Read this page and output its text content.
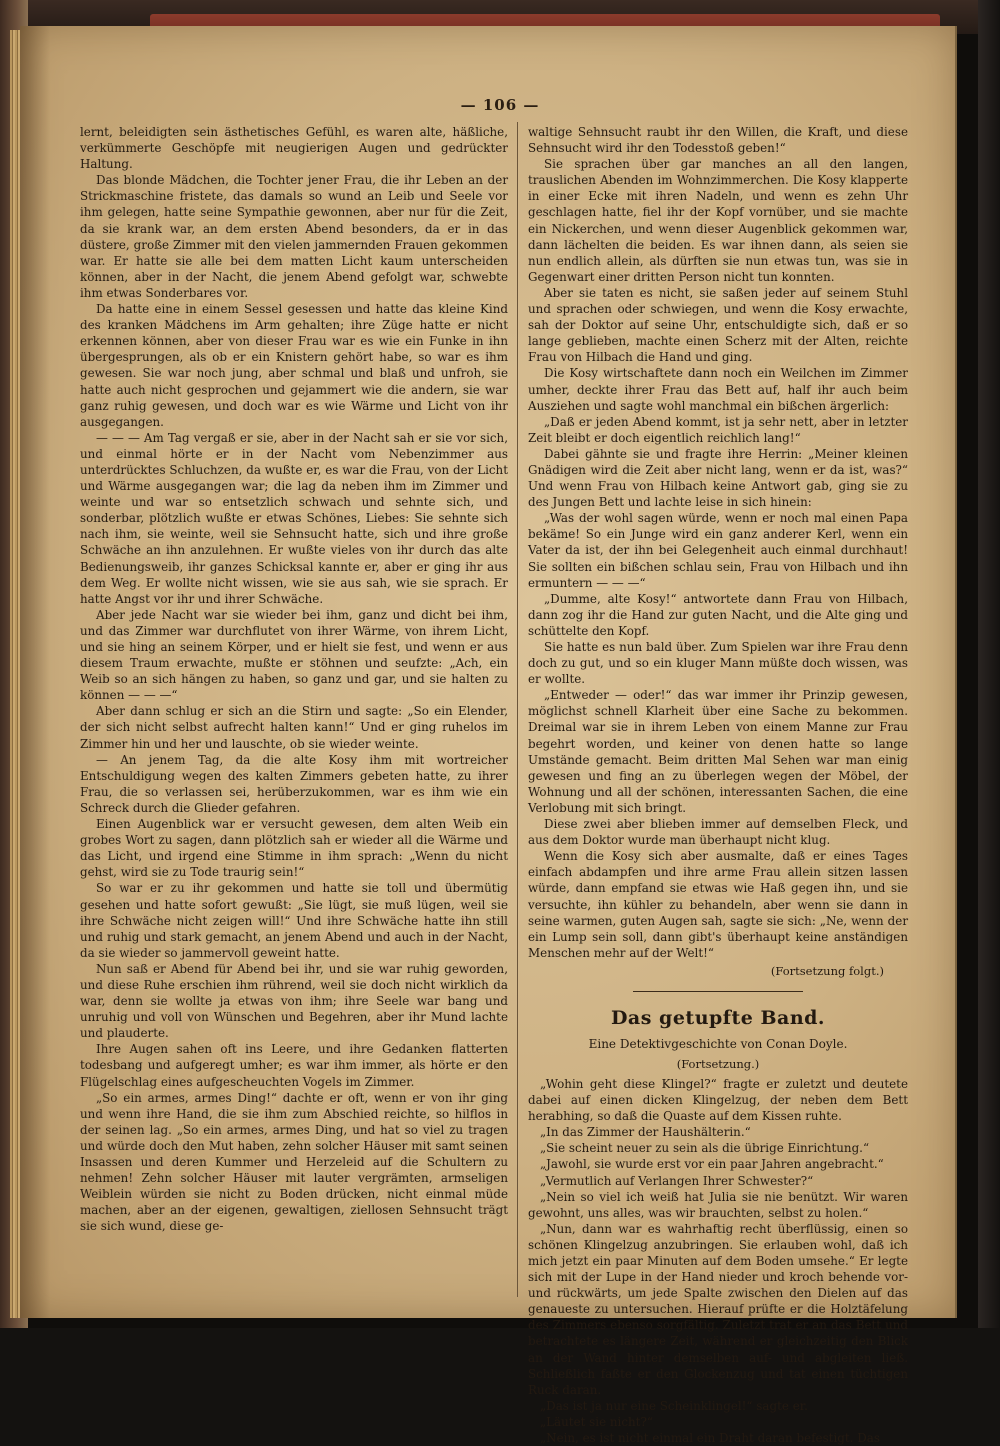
— 106 —

lernt, beleidigten sein ästhetisches Gefühl, es waren alte, häßliche, verkümmerte Geschöpfe mit neugierigen Augen und gedrückter Haltung.

Das blonde Mädchen, die Tochter jener Frau, die ihr Leben an der Strickmaschine fristete, das damals so wund an Leib und Seele vor ihm gelegen, hatte seine Sympathie gewonnen, aber nur für die Zeit, da sie krank war, an dem ersten Abend besonders, da er in das düstere, große Zimmer mit den vielen jammernden Frauen gekommen war. Er hatte sie alle bei dem matten Licht kaum unterscheiden können, aber in der Nacht, die jenem Abend gefolgt war, schwebte ihm etwas Sonderbares vor.

Da hatte eine in einem Sessel gesessen und hatte das kleine Kind des kranken Mädchens im Arm gehalten; ihre Züge hatte er nicht erkennen können, aber von dieser Frau war es wie ein Funke in ihn übergesprungen, als ob er ein Knistern gehört habe, so war es ihm gewesen. Sie war noch jung, aber schmal und blaß und unfroh, sie hatte auch nicht gesprochen und gejammert wie die andern, sie war ganz ruhig gewesen, und doch war es wie Wärme und Licht von ihr ausgegangen.

— — — Am Tag vergaß er sie, aber in der Nacht sah er sie vor sich, und einmal hörte er in der Nacht vom Nebenzimmer aus unterdrücktes Schluchzen, da wußte er, es war die Frau, von der Licht und Wärme ausgegangen war; die lag da neben ihm im Zimmer und weinte und war so entsetzlich schwach und sehnte sich, und sonderbar, plötzlich wußte er etwas Schönes, Liebes: Sie sehnte sich nach ihm, sie weinte, weil sie Sehnsucht hatte, sich und ihre große Schwäche an ihn anzulehnen. Er wußte vieles von ihr durch das alte Bedienungsweib, ihr ganzes Schicksal kannte er, aber er ging ihr aus dem Weg. Er wollte nicht wissen, wie sie aus sah, wie sie sprach. Er hatte Angst vor ihr und ihrer Schwäche.

Aber jede Nacht war sie wieder bei ihm, ganz und dicht bei ihm, und das Zimmer war durchflutet von ihrer Wärme, von ihrem Licht, und sie hing an seinem Körper, und er hielt sie fest, und wenn er aus diesem Traum erwachte, mußte er stöhnen und seufzte: „Ach, ein Weib so an sich hängen zu haben, so ganz und gar, und sie halten zu können — — —“

Aber dann schlug er sich an die Stirn und sagte: „So ein Elender, der sich nicht selbst aufrecht halten kann!“ Und er ging ruhelos im Zimmer hin und her und lauschte, ob sie wieder weinte.

— An jenem Tag, da die alte Kosy ihm mit wortreicher Entschuldigung wegen des kalten Zimmers gebeten hatte, zu ihrer Frau, die so verlassen sei, herüberzukommen, war es ihm wie ein Schreck durch die Glieder gefahren.

Einen Augenblick war er versucht gewesen, dem alten Weib ein grobes Wort zu sagen, dann plötzlich sah er wieder all die Wärme und das Licht, und irgend eine Stimme in ihm sprach: „Wenn du nicht gehst, wird sie zu Tode traurig sein!“

So war er zu ihr gekommen und hatte sie toll und übermütig gesehen und hatte sofort gewußt: „Sie lügt, sie muß lügen, weil sie ihre Schwäche nicht zeigen will!“ Und ihre Schwäche hatte ihn still und ruhig und stark gemacht, an jenem Abend und auch in der Nacht, da sie wieder so jammervoll geweint hatte.

Nun saß er Abend für Abend bei ihr, und sie war ruhig geworden, und diese Ruhe erschien ihm rührend, weil sie doch nicht wirklich da war, denn sie wollte ja etwas von ihm; ihre Seele war bang und unruhig und voll von Wünschen und Begehren, aber ihr Mund lachte und plauderte.

Ihre Augen sahen oft ins Leere, und ihre Gedanken flatterten todesbang und aufgeregt umher; es war ihm immer, als hörte er den Flügelschlag eines aufgescheuchten Vogels im Zimmer.

„So ein armes, armes Ding!“ dachte er oft, wenn er von ihr ging und wenn ihre Hand, die sie ihm zum Abschied reichte, so hilflos in der seinen lag. „So ein armes, armes Ding, und hat so viel zu tragen und würde doch den Mut haben, zehn solcher Häuser mit samt seinen Insassen und deren Kummer und Herzeleid auf die Schultern zu nehmen! Zehn solcher Häuser mit lauter vergrämten, armseligen Weiblein würden sie nicht zu Boden drücken, nicht einmal müde machen, aber an der eigenen, gewaltigen, ziellosen Sehnsucht trägt sie sich wund, diese ge-

waltige Sehnsucht raubt ihr den Willen, die Kraft, und diese Sehnsucht wird ihr den Todesstoß geben!“

Sie sprachen über gar manches an all den langen, trauslichen Abenden im Wohnzimmerchen. Die Kosy klapperte in einer Ecke mit ihren Nadeln, und wenn es zehn Uhr geschlagen hatte, fiel ihr der Kopf vornüber, und sie machte ein Nickerchen, und wenn dieser Augenblick gekommen war, dann lächelten die beiden. Es war ihnen dann, als seien sie nun endlich allein, als dürften sie nun etwas tun, was sie in Gegenwart einer dritten Person nicht tun konnten.

Aber sie taten es nicht, sie saßen jeder auf seinem Stuhl und sprachen oder schwiegen, und wenn die Kosy erwachte, sah der Doktor auf seine Uhr, entschuldigte sich, daß er so lange geblieben, machte einen Scherz mit der Alten, reichte Frau von Hilbach die Hand und ging.

Die Kosy wirtschaftete dann noch ein Weilchen im Zimmer umher, deckte ihrer Frau das Bett auf, half ihr auch beim Ausziehen und sagte wohl manchmal ein bißchen ärgerlich:

„Daß er jeden Abend kommt, ist ja sehr nett, aber in letzter Zeit bleibt er doch eigentlich reichlich lang!“

Dabei gähnte sie und fragte ihre Herrin: „Meiner kleinen Gnädigen wird die Zeit aber nicht lang, wenn er da ist, was?“ Und wenn Frau von Hilbach keine Antwort gab, ging sie zu des Jungen Bett und lachte leise in sich hinein:

„Was der wohl sagen würde, wenn er noch mal einen Papa bekäme! So ein Junge wird ein ganz anderer Kerl, wenn ein Vater da ist, der ihn bei Gelegenheit auch einmal durchhaut! Sie sollten ein bißchen schlau sein, Frau von Hilbach und ihn ermuntern — — —“

„Dumme, alte Kosy!“ antwortete dann Frau von Hilbach, dann zog ihr die Hand zur guten Nacht, und die Alte ging und schüttelte den Kopf.

Sie hatte es nun bald über. Zum Spielen war ihre Frau denn doch zu gut, und so ein kluger Mann müßte doch wissen, was er wollte.

„Entweder — oder!“ das war immer ihr Prinzip gewesen, möglichst schnell Klarheit über eine Sache zu bekommen. Dreimal war sie in ihrem Leben von einem Manne zur Frau begehrt worden, und keiner von denen hatte so lange Umstände gemacht. Beim dritten Mal Sehen war man einig gewesen und fing an zu überlegen wegen der Möbel, der Wohnung und all der schönen, interessanten Sachen, die eine Verlobung mit sich bringt.

Diese zwei aber blieben immer auf demselben Fleck, und aus dem Doktor wurde man überhaupt nicht klug.

Wenn die Kosy sich aber ausmalte, daß er eines Tages einfach abdampfen und ihre arme Frau allein sitzen lassen würde, dann empfand sie etwas wie Haß gegen ihn, und sie versuchte, ihn kühler zu behandeln, aber wenn sie dann in seine warmen, guten Augen sah, sagte sie sich: „Ne, wenn der ein Lump sein soll, dann gibt's überhaupt keine anständigen Menschen mehr auf der Welt!“

(Fortsetzung folgt.)
Das getupfte Band.
Eine Detektivgeschichte von Conan Doyle.
(Fortsetzung.)

„Wohin geht diese Klingel?“ fragte er zuletzt und deutete dabei auf einen dicken Klingelzug, der neben dem Bett herabhing, so daß die Quaste auf dem Kissen ruhte.

„In das Zimmer der Haushälterin.“

„Sie scheint neuer zu sein als die übrige Einrichtung.“

„Jawohl, sie wurde erst vor ein paar Jahren angebracht.“

„Vermutlich auf Verlangen Ihrer Schwester?“

„Nein so viel ich weiß hat Julia sie nie benützt. Wir waren gewohnt, uns alles, was wir brauchten, selbst zu holen.“

„Nun, dann war es wahrhaftig recht überflüssig, einen so schönen Klingelzug anzubringen. Sie erlauben wohl, daß ich mich jetzt ein paar Minuten auf dem Boden umsehe.“ Er legte sich mit der Lupe in der Hand nieder und kroch behende vor- und rückwärts, um jede Spalte zwischen den Dielen auf das genaueste zu untersuchen. Hierauf prüfte er die Holztäfelung des Zimmers ebenso sorgfältig. Zuletzt trat er an das Bett und betrachtete es längere Zeit, während er gleichzeitig den Blick an der Wand hinter demselben auf- und abgleiten ließ. Schließlich faßte er den Glockenzug und tat einen tüchtigen Ruck daran.

„Das ist ja nur eine Scheinklingel!“ sagte er.

„Läutet sie nicht?“

„Nein, es ist nicht einmal ein Draht daran befestigt. Das
